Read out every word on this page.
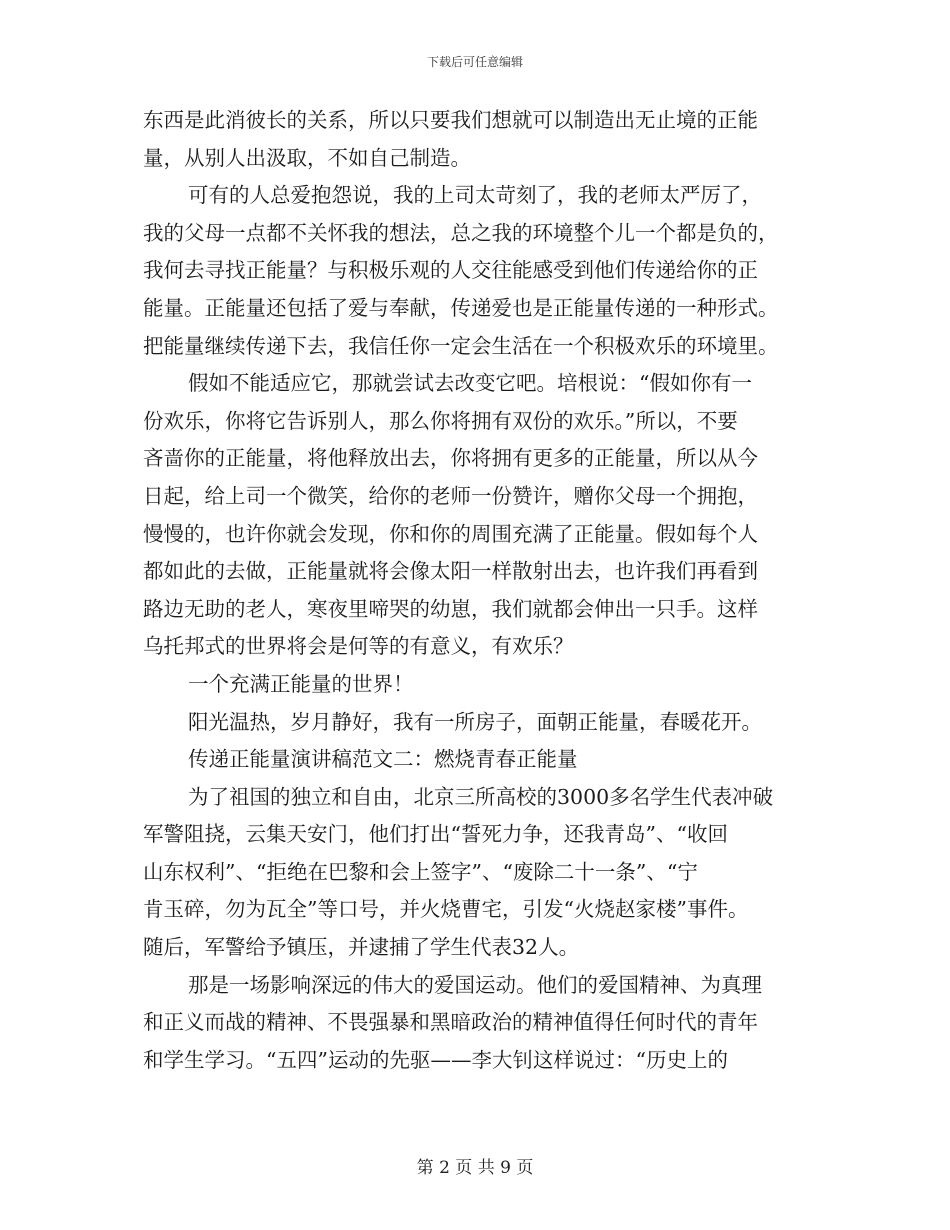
下载后可任意编辑
东西是此消彼长的关系，所以只要我们想就可以制造出无止境的正能
量，从别人出汲取，不如自己制造。
可有的人总爱抱怨说，我的上司太苛刻了，我的老师太严厉了，
我的父母一点都不关怀我的想法，总之我的环境整个儿一个都是负的，
我何去寻找正能量？与积极乐观的人交往能感受到他们传递给你的正
能量。正能量还包括了爱与奉献，传递爱也是正能量传递的一种形式。
把能量继续传递下去，我信任你一定会生活在一个积极欢乐的环境里。
假如不能适应它，那就尝试去改变它吧。培根说：“假如你有一
份欢乐，你将它告诉别人，那么你将拥有双份的欢乐。”所以，不要
吝啬你的正能量，将他释放出去，你将拥有更多的正能量，所以从今
日起，给上司一个微笑，给你的老师一份赞许，赠你父母一个拥抱，
慢慢的，也许你就会发现，你和你的周围充满了正能量。假如每个人
都如此的去做，正能量就将会像太阳一样散射出去，也许我们再看到
路边无助的老人，寒夜里啼哭的幼崽，我们就都会伸出一只手。这样
乌托邦式的世界将会是何等的有意义，有欢乐？
一个充满正能量的世界！
阳光温热，岁月静好，我有一所房子，面朝正能量，春暖花开。
传递正能量演讲稿范文二：燃烧青春正能量
为了祖国的独立和自由，北京三所高校的3000多名学生代表冲破
军警阻挠，云集天安门，他们打出“誓死力争，还我青岛”、“收回
山东权利”、“拒绝在巴黎和会上签字”、“废除二十一条”、“宁
肯玉碎，勿为瓦全”等口号，并火烧曹宅，引发“火烧赵家楼”事件。
随后，军警给予镇压，并逮捕了学生代表32人。
那是一场影响深远的伟大的爱国运动。他们的爱国精神、为真理
和正义而战的精神、不畏强暴和黑暗政治的精神值得任何时代的青年
和学生学习。“五四”运动的先驱——李大钊这样说过：“历史上的
第 2 页 共 9 页
